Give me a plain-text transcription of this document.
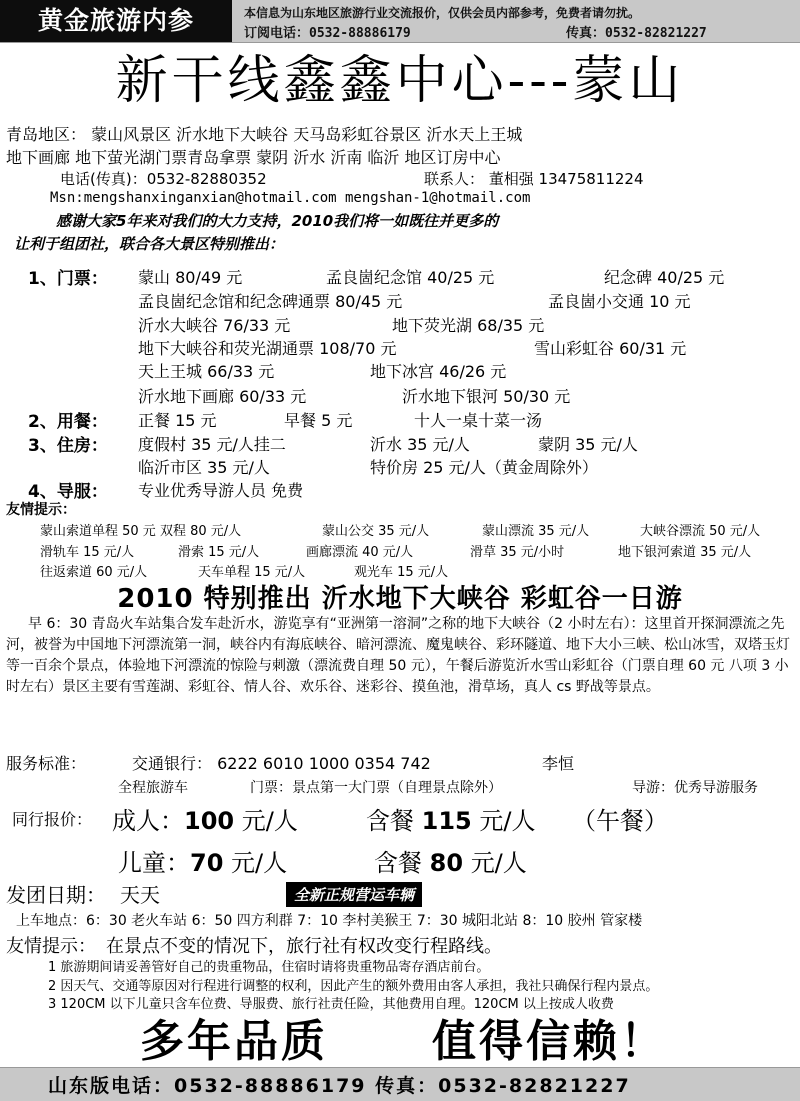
黄金旅游内参	本信息为山东地区旅游行业交流报价，仅供会员内部参考，免费者请勿扰。
订阅电话：0532-88886179	传真：0532-82821227
新干线鑫鑫中心---蒙山
青岛地区： 蒙山风景区 沂水地下大峡谷 天马岛彩虹谷景区 沂水天上王城
地下画廊 地下萤光湖门票青岛拿票 蒙阴 沂水 沂南 临沂 地区订房中心
电话(传真)：0532-82880352	联系人： 董相强 13475811224
Msn:mengshanxinganxian@hotmail.com mengshan-1@hotmail.com
感谢大家5年来对我们的大力支持，2010我们将一如既往并更多的
让利于组团社，联合各大景区特别推出：
1、门票： 蒙山 80/49 元	孟良崮纪念馆 40/25 元	纪念碑 40/25 元
孟良崮纪念馆和纪念碑通票 80/45 元	孟良崮小交通 10 元
沂水大峡谷 76/33 元	地下荧光湖 68/35 元
地下大峡谷和荧光湖通票 108/70 元	雪山彩虹谷 60/31 元
天上王城 66/33 元	地下冰宫 46/26 元
沂水地下画廊 60/33 元	沂水地下银河 50/30 元
2、用餐： 正餐 15 元	早餐 5 元	十人一桌十菜一汤
3、住房： 度假村 35 元/人挂二	沂水 35 元/人	蒙阴 35 元/人
临沂市区 35 元/人	特价房 25 元/人（黄金周除外）
4、导服： 专业优秀导游人员 免费
友情提示：
蒙山索道单程 50 元 双程 80 元/人	蒙山公交 35 元/人	蒙山漂流 35 元/人	大峡谷漂流 50 元/人
滑轨车 15 元/人	滑索 15 元/人	画廊漂流 40 元/人	滑草 35 元/小时	地下银河索道 35 元/人
往返索道 60 元/人	天车单程 15 元/人	观光车 15 元/人
2010 特别推出 沂水地下大峡谷 彩虹谷一日游
早 6：30 青岛火车站集合发车赴沂水，游览享有“亚洲第一溶洞”之称的地下大峡谷（2 小时左右）：这里首开探洞漂流之先河，被誉为中国地下河漂流第一洞，峡谷内有海底峡谷、暗河漂流、魔鬼峡谷、彩环隧道、地下大小三峡、松山冰雪，双塔玉灯等一百余个景点，体验地下河漂流的惊险与刺激（漂流费自理 50 元），午餐后游览沂水雪山彩虹谷（门票自理 60 元 八项 3 小时左右）景区主要有雪莲湖、彩虹谷、情人谷、欢乐谷、迷彩谷、摸鱼池，滑草场，真人 cs 野战等景点。
服务标准：	交通银行： 6222 6010 1000 0354 742	李恒
全程旅游车	门票：景点第一大门票（自理景点除外）	导游：优秀导游服务
同行报价： 成人：100 元/人	含餐 115 元/人 （午餐）
儿童：70 元/人	含餐 80 元/人
发团日期： 天天	全新正规营运车辆
上车地点：6：30 老火车站 6：50 四方利群 7：10 李村美猴王 7：30 城阳北站 8：10 胶州 管家楼
友情提示： 在景点不变的情况下，旅行社有权改变行程路线。
1 旅游期间请妥善管好自己的贵重物品，住宿时请将贵重物品寄存酒店前台。
2 因天气、交通等原因对行程进行调整的权利，因此产生的额外费用由客人承担，我社只确保行程内景点。
3 120CM 以下儿童只含车位费、导服费、旅行社责任险，其他费用自理。120CM 以上按成人收费
多年品质 值得信赖！
山东版电话：0532-88886179 传真：0532-82821227
